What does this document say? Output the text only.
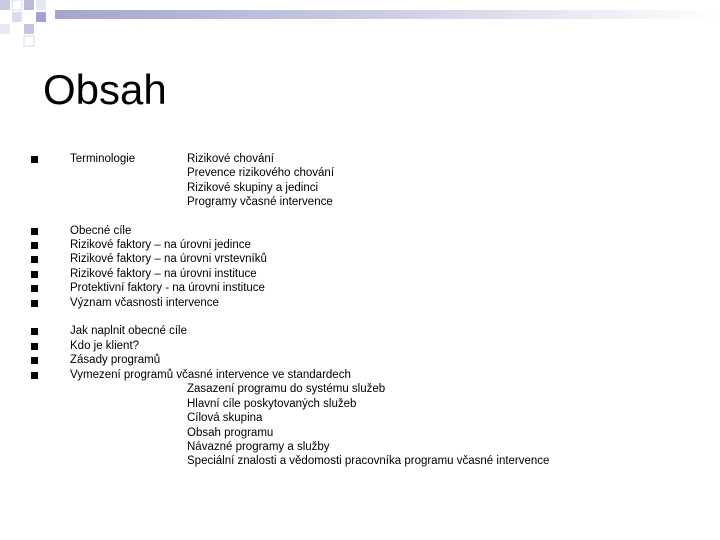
Obsah
Terminologie	Rizikové chování
Prevence rizikového chování
Rizikové skupiny a jedinci
Programy včasné intervence
Obecné cíle
Rizikové faktory – na úrovni jedince
Rizikové faktory – na úrovni vrstevníků
Rizikové faktory – na úrovni instituce
Protektivní faktory - na úrovni instituce
Význam včasnosti intervence
Jak naplnit obecné cíle
Kdo je klient?
Zásady programů
Vymezení programů včasné intervence ve standardech
Zasazení programu do systému služeb
Hlavní cíle poskytovaných služeb
Cílová skupina
Obsah programu
Návazné programy a služby
Speciální znalosti a vědomosti pracovníka programu včasné intervence
